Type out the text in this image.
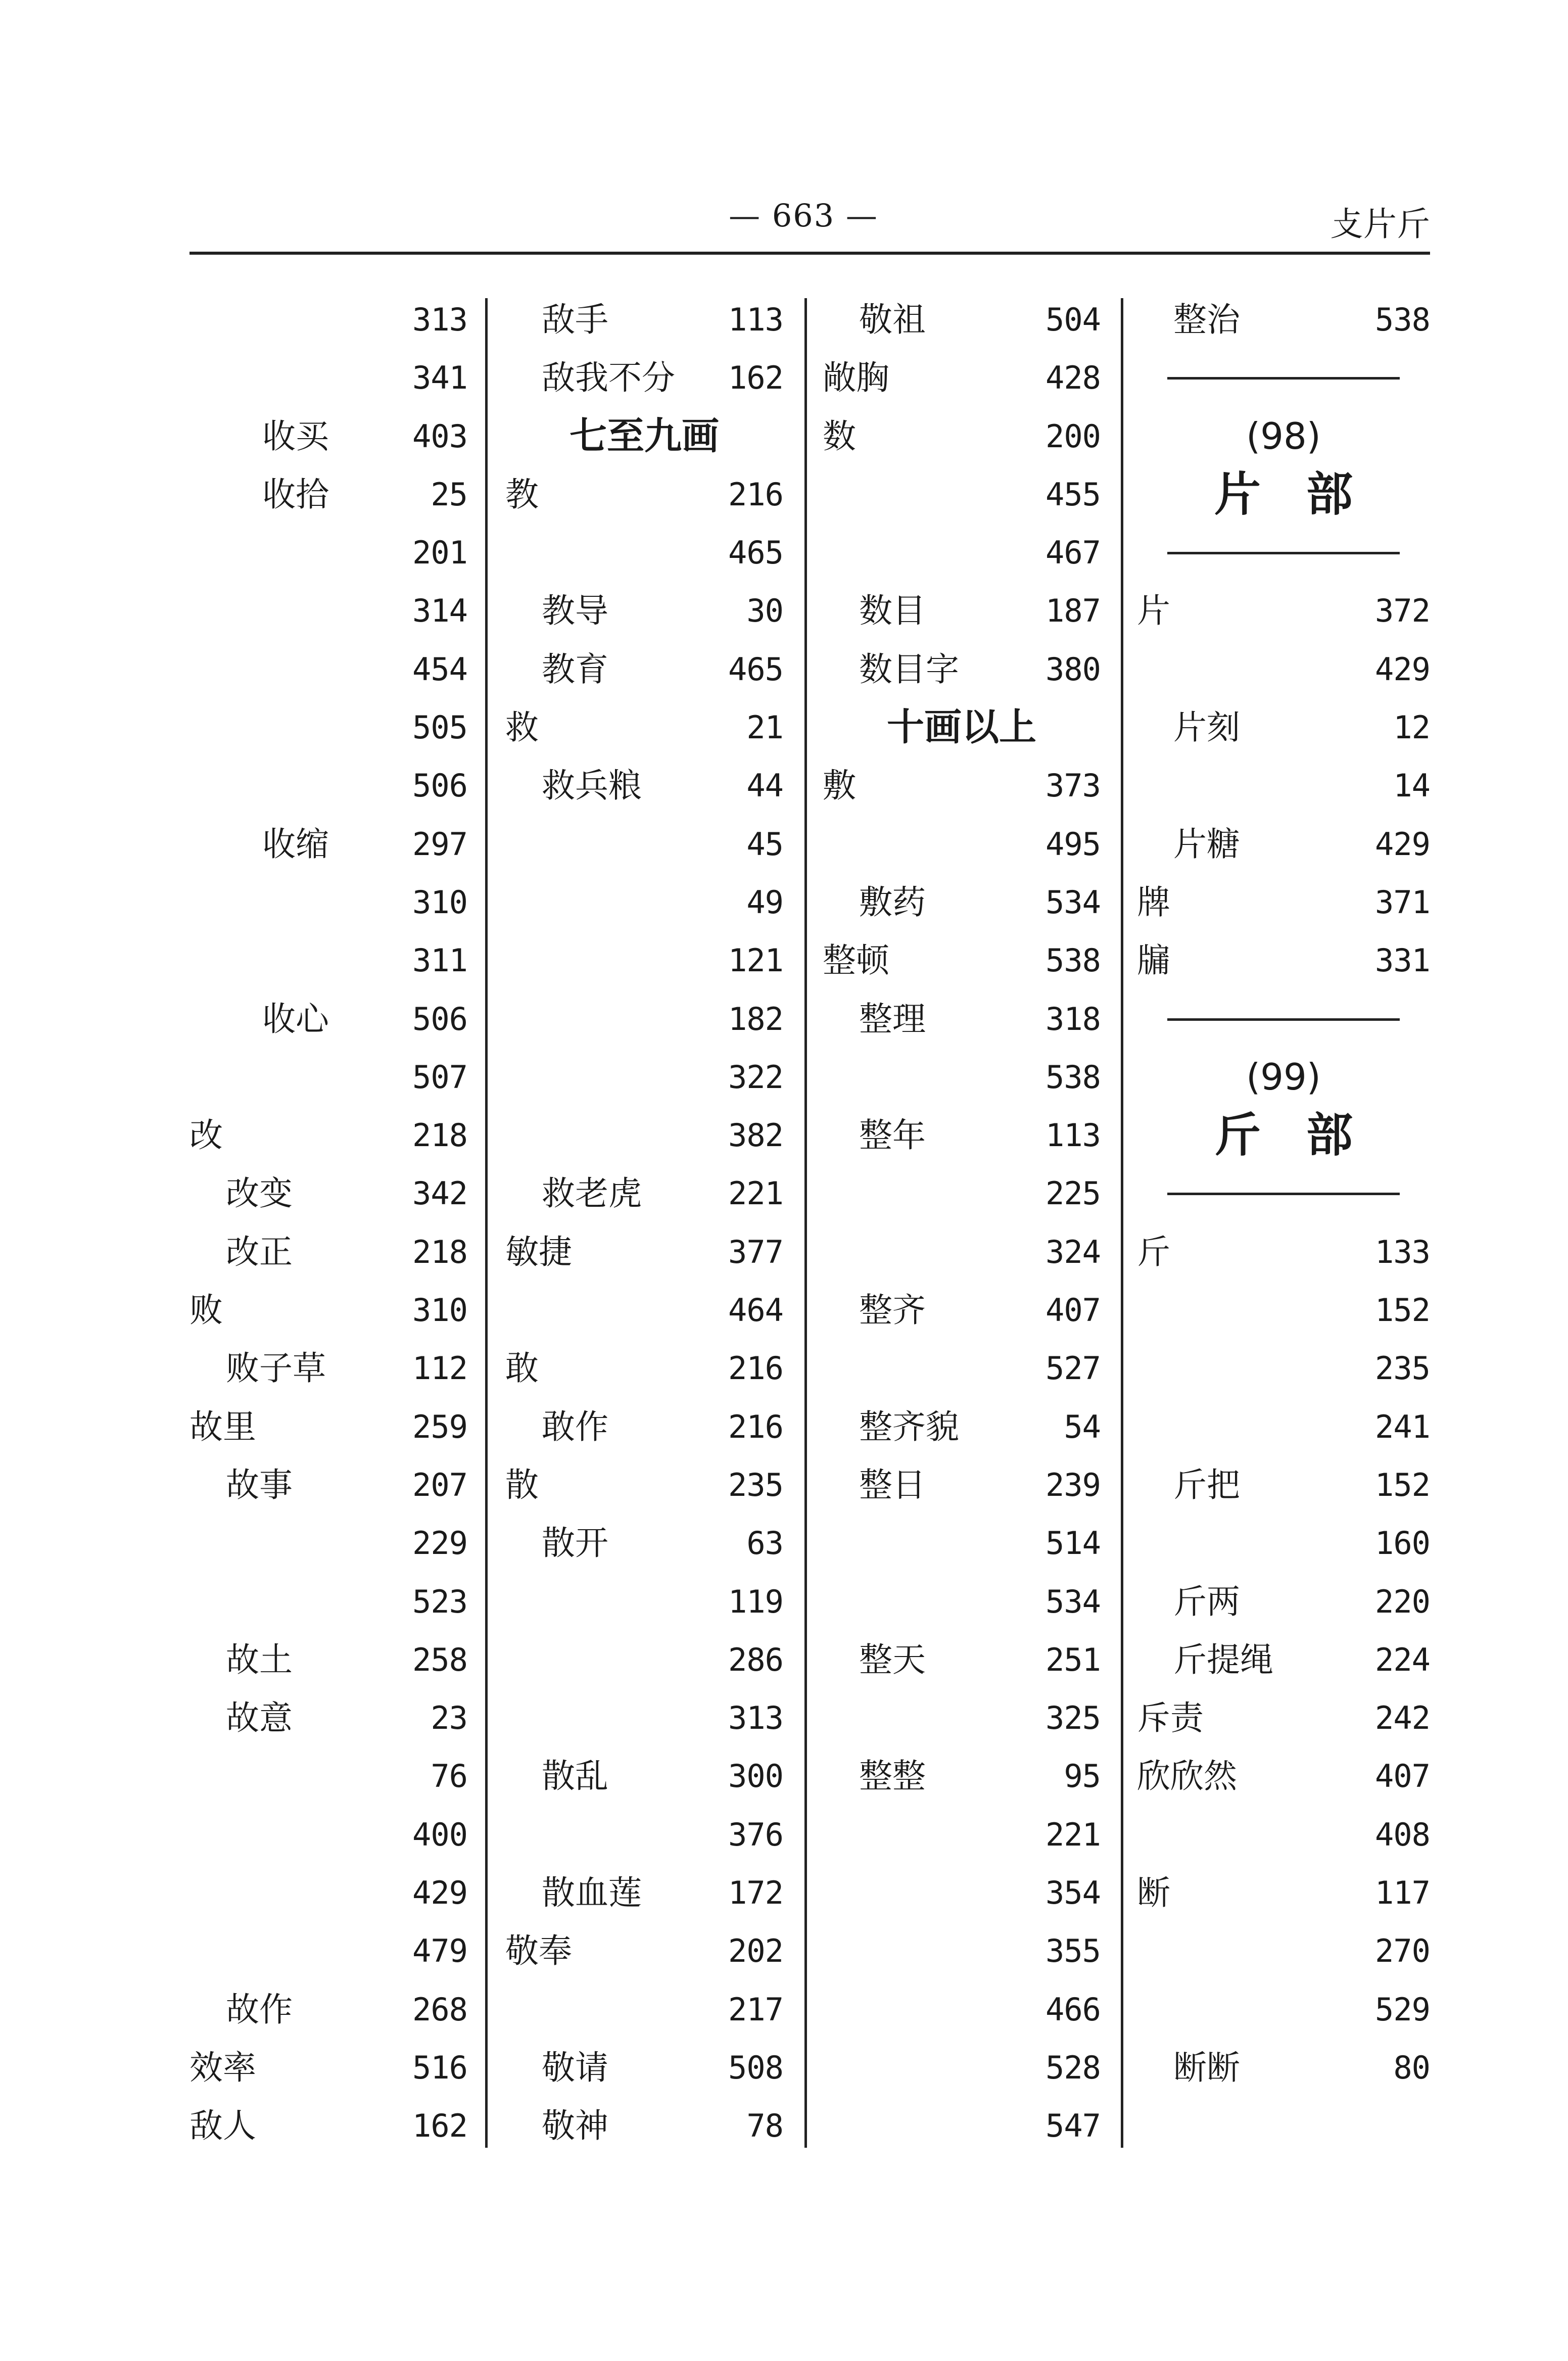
— 663 —	攴片斤
313
341
收买	403
收拾	25
201
314
454
505
506
收缩	297
310
311
收心	506
507
改	218
改变	342
改正	218
败	310
败子草	112
故里	259
故事	207
229
523
故土	258
故意	23
76
400
429
479
故作	268
效率	516
敌人	162
敌手	113
敌我不分 162
七至九画
教	216
465
教导	30
教育	465
救	21
救兵粮	44
45
49
121
182
322
382
救老虎	221
敏捷	377
464
敢	216
敢作	216
散	235
散开	63
119
286
313
散乱	300
376
散血莲	172
敬奉	202
217
敬请	508
敬神	78
敬祖	504
敞胸	428
数	200
455
467
数目	187
数目字	380
十画以上
敷	373
495
敷药	534
整顿	538
整理	318
538
整年	113
225
324
整齐	407
527
整齐貌	54
整日	239
514
534
整天	251
325
整整	95
221
354
355
466
528
547
整治	538
(98)
片部
片	372
429
片刻	12
14
片糖	429
牌	371
牖	331
(99)
斤部
斤	133
152
235
241
斤把	152
160
斤两	220
斤提绳	224
斥责	242
欣欣然	407
408
断	117
270
529
断断	80
